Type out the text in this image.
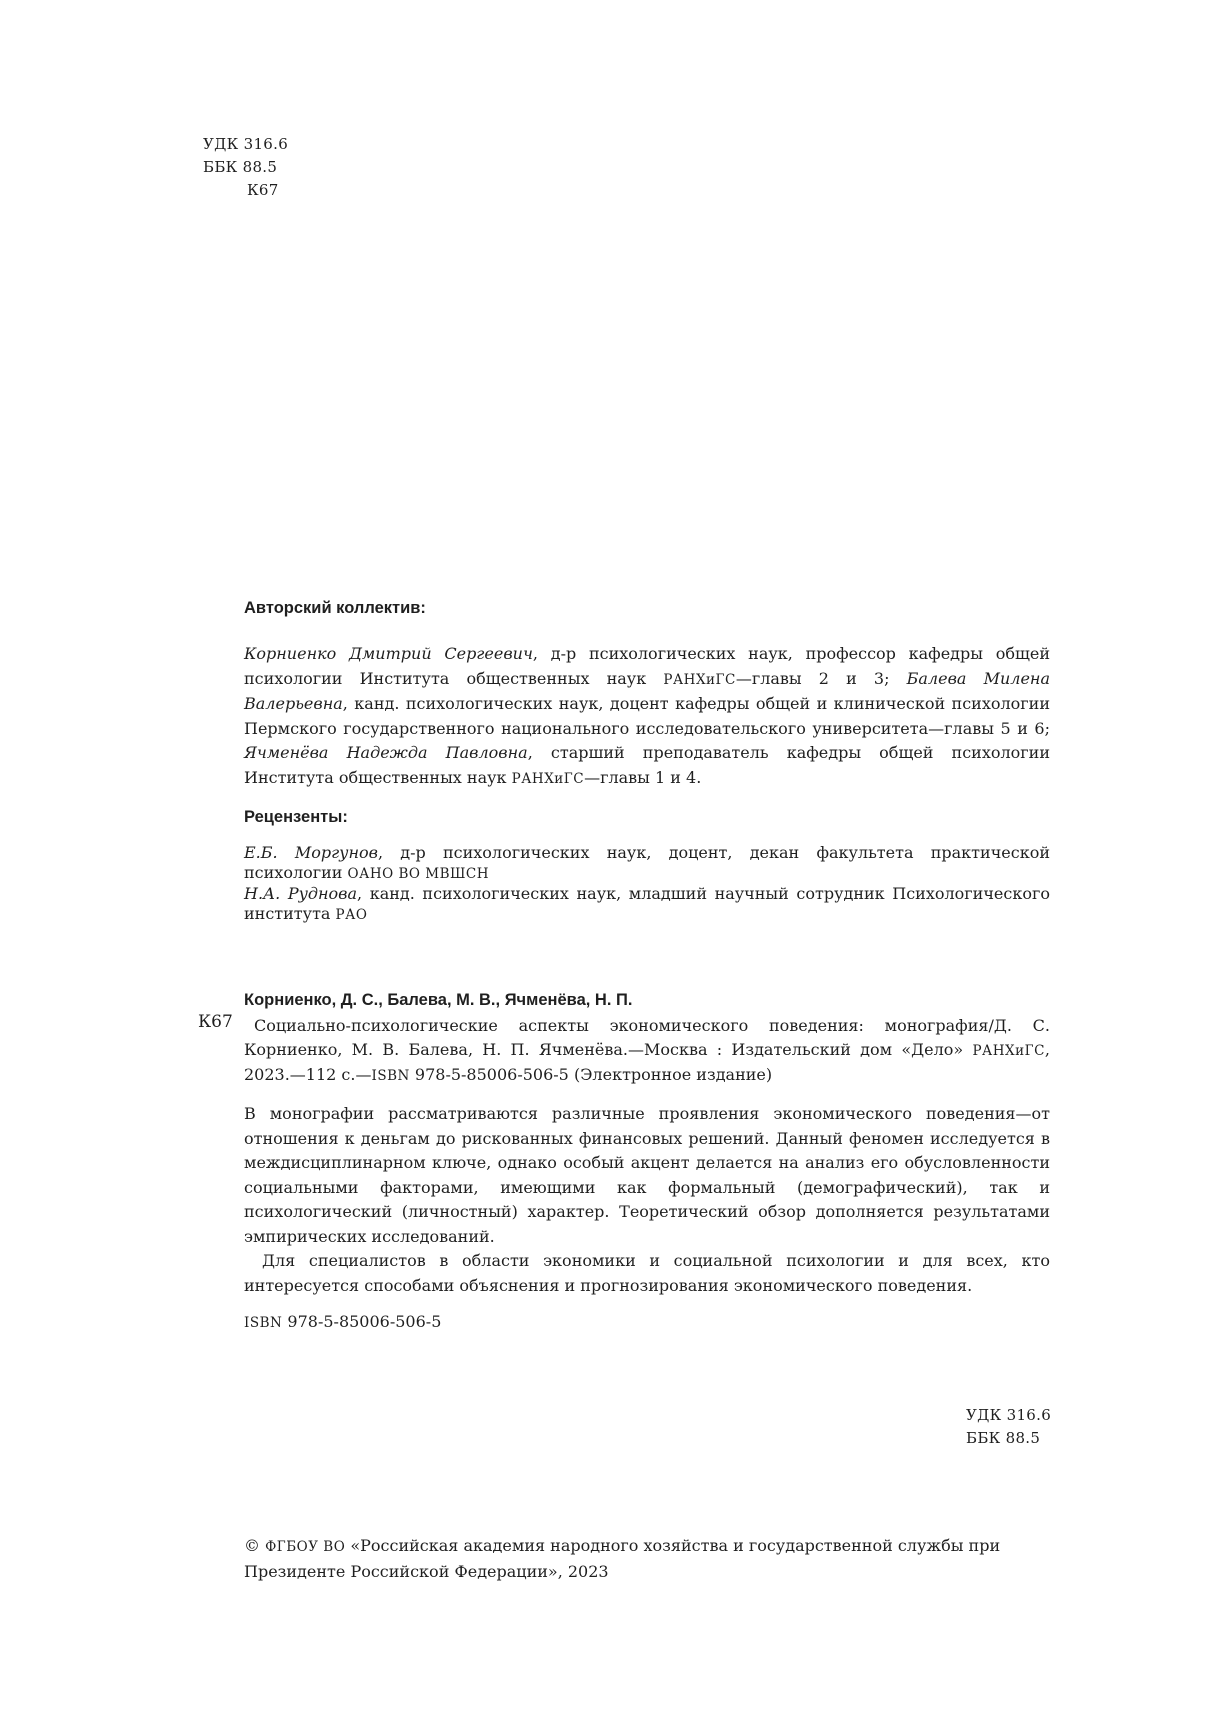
УДК 316.6
ББК 88.5
К67
Авторский коллектив:
Корниенко Дмитрий Сергеевич, д-р психологических наук, профессор кафедры общей психологии Института общественных наук РАНХиГС—главы 2 и 3; Балева Милена Валерьевна, канд. психологических наук, доцент кафедры общей и клинической психологии Пермского государственного национального исследовательского университета—главы 5 и 6; Ячменёва Надежда Павловна, старший преподаватель кафедры общей психологии Института общественных наук РАНХиГС—главы 1 и 4.
Рецензенты:
Е.Б. Моргунов, д-р психологических наук, доцент, декан факультета практической психологии ОАНО ВО МВШСН
Н.А. Руднова, канд. психологических наук, младший научный сотрудник Психологического института РАО
Корниенко, Д. С., Балева, М. В., Ячменёва, Н. П.
Социально-психологические аспекты экономического поведения: монография/Д. С. Корниенко, М. В. Балева, Н. П. Ячменёва.—Москва : Издательский дом «Дело» РАНХиГС, 2023.—112 с.—ISBN 978-5-85006-506-5 (Электронное издание)
К67
В монографии рассматриваются различные проявления экономического поведения—от отношения к деньгам до рискованных финансовых решений. Данный феномен исследуется в междисциплинарном ключе, однако особый акцент делается на анализ его обусловленности социальными факторами, имеющими как формальный (демографический), так и психологический (личностный) характер. Теоретический обзор дополняется результатами эмпирических исследований.
Для специалистов в области экономики и социальной психологии и для всех, кто интересуется способами объяснения и прогнозирования экономического поведения.
ISBN 978-5-85006-506-5
УДК 316.6
ББК 88.5
© ФГБОУ ВО «Российская академия народного хозяйства и государственной службы при Президенте Российской Федерации», 2023
